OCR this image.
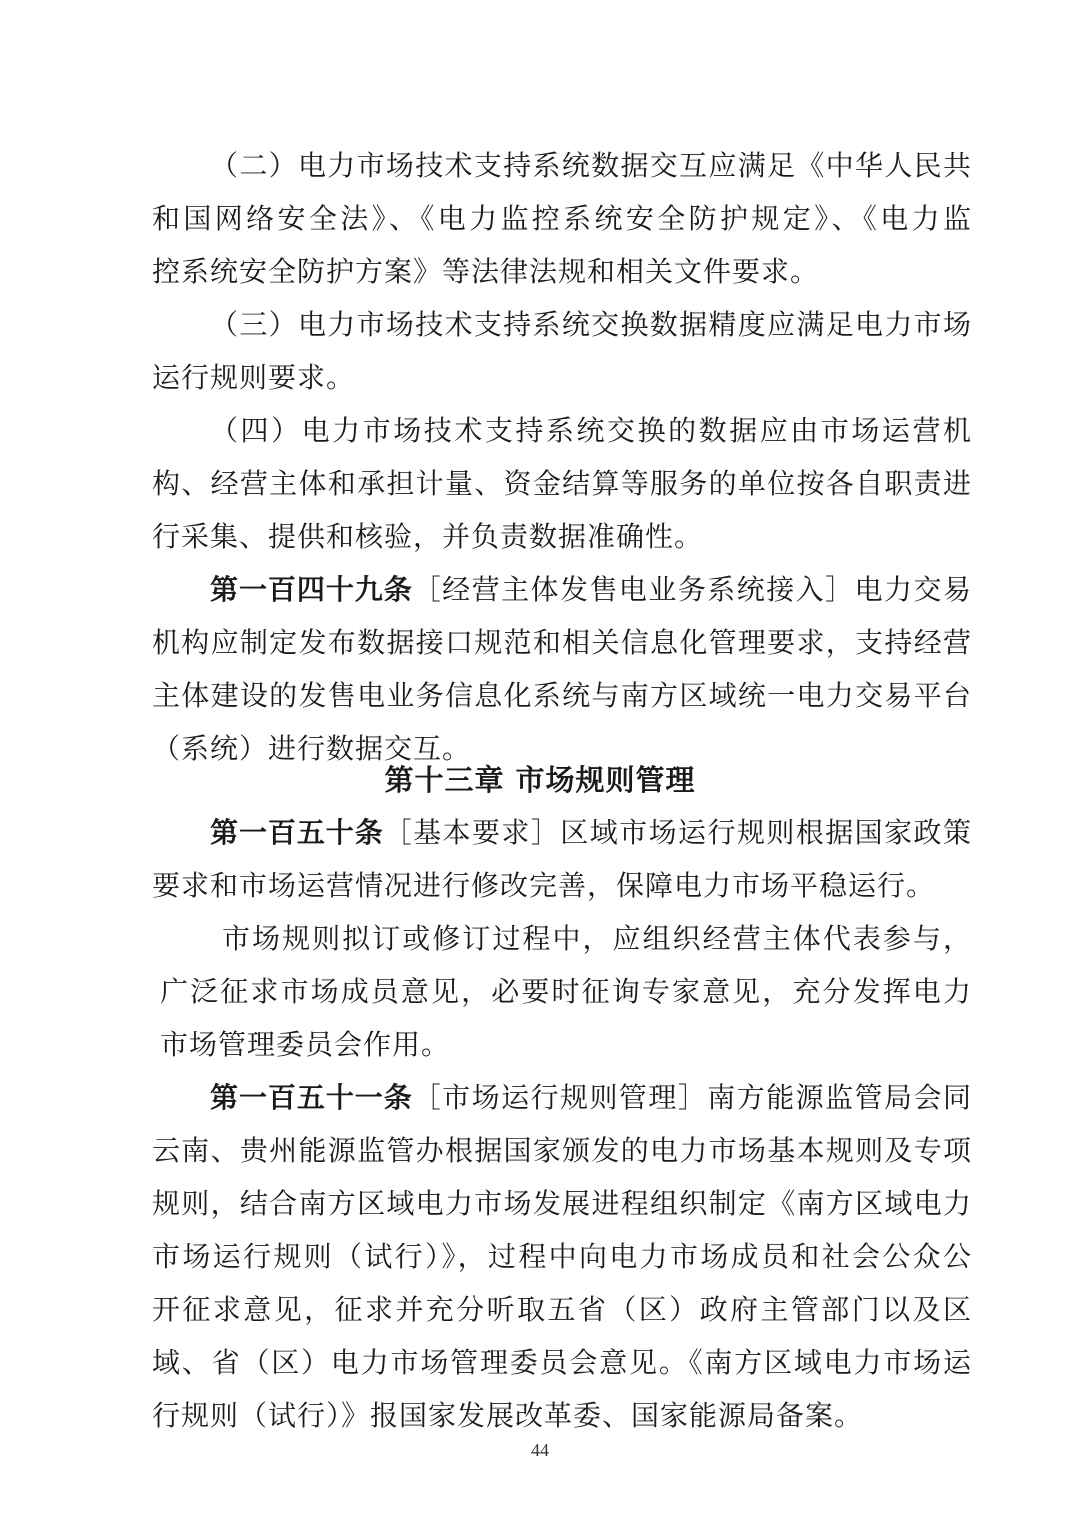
（二）电力市场技术支持系统数据交互应满足《中华人民共
和国网络安全法》、《电力监控系统安全防护规定》、《电力监
控系统安全防护方案》等法律法规和相关文件要求。
（三）电力市场技术支持系统交换数据精度应满足电力市场
运行规则要求。
（四）电力市场技术支持系统交换的数据应由市场运营机
构、经营主体和承担计量、资金结算等服务的单位按各自职责进
行采集、提供和核验，并负责数据准确性。
第一百四十九条［经营主体发售电业务系统接入］电力交易
机构应制定发布数据接口规范和相关信息化管理要求，支持经营
主体建设的发售电业务信息化系统与南方区域统一电力交易平台
（系统）进行数据交互。
第十三章 市场规则管理
第一百五十条［基本要求］区域市场运行规则根据国家政策
要求和市场运营情况进行修改完善，保障电力市场平稳运行。
市场规则拟订或修订过程中，应组织经营主体代表参与，
广泛征求市场成员意见，必要时征询专家意见，充分发挥电力
市场管理委员会作用。
第一百五十一条［市场运行规则管理］南方能源监管局会同
云南、贵州能源监管办根据国家颁发的电力市场基本规则及专项
规则，结合南方区域电力市场发展进程组织制定《南方区域电力
市场运行规则（试行）》，过程中向电力市场成员和社会公众公
开征求意见，征求并充分听取五省（区）政府主管部门以及区
域、省（区）电力市场管理委员会意见。《南方区域电力市场运
行规则（试行）》报国家发展改革委、国家能源局备案。
44
